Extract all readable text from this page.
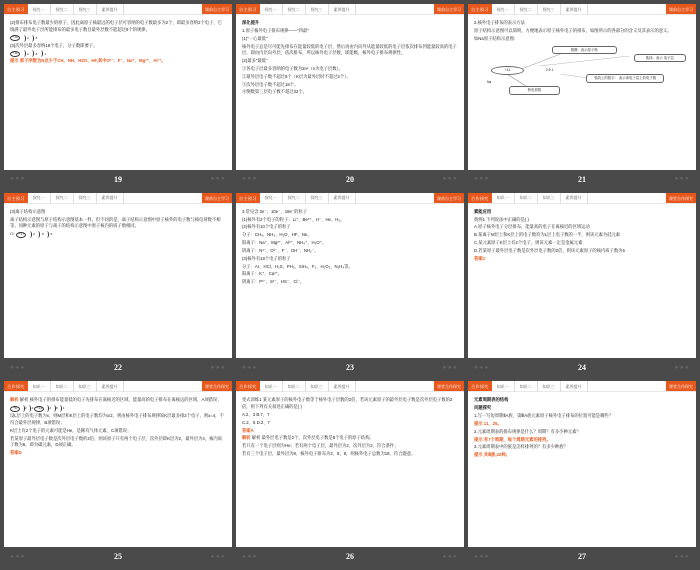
自主预习	探究一	探究二	探究三	素养提升	课前自主学习

(2)排布排布电子数最少的原子，因此离原子核最远的电子层可容纳的电子数最多为2个，即最多容纳2个电子，它填满了最外电子层所能排布的最多电子数目最外层数不能超过8个的规律。

+10	2 8

(3)次外层最多容纳18个电子，分子数即要子。

+11	2 8 1

提示 原子序数为N点少于CH、NH、H2O、HF,其中O²⁻、F⁻、Na⁺、Mg²⁺、Al³⁺。

✧✧✧	19	✧✧✧
自主预习	探究一	探究二	探究三	素养提升	课前自主学习

深化提升

1.原子核外电子排布规律——"四最"

(1)"一心最低"

核外电子总是尽可能先排布在能量较低的电子层，然后再由内向外从能量较低的电子层依次排布到能量较高的电子层，即由内层向外层，依次排布，所以核外电子层数，即能级，核外电子排布规律性。

(2)最多"最低"

①各电子层最多容纳的电子数为2n²（n为电子层数）。

②最外层电子数不超过8个（K层为最外层时不超过2个）。

③次外层电子数不超过18个。

④倒数第三层电子数不超过32个。

✧✧✧	20	✧✧✧
自主预习	探究一	探究二	探究三	素养提升	课前自主学习

2.核外电子排布的表示方法

原子结构示意图可以简明、方便地表示原子核外电子的排布，如图所示的各部分的含义及其表示的意义。

如Na原子结构示意图：

圆圈：表示原子核
弧线：表示 电子层
+11	2 8 1
Na
核电荷数
弧线上的数字： 表示该电子层上的电子数
✧✧✧	21	✧✧✧
自主预习	探究一	探究二	探究三	素养提升	课前自主学习

(3)离子结构示意图

离子结构示意图与原子结构示意图基本一样，但不同的是，离子结构示意图中原子核外的电子数与核电荷数不相等。同种元素的原子与离子的结构示意图中原子核内的质子数相同。

Cl⁻ +17	2 8 8
✧✧✧	22	✧✧✧
自主预习	探究一	探究二	探究三	素养提升	课前自主学习

3.常见含 2e⁻、10e⁻、18e⁻的粒子

(1)核外有2个电子的粒子：Li⁺、Be²⁺、H⁻、He、H₂。

(2)核外有10个电子的粒子

分子：CH₄、NH₃、H₂O、HF、Ne。

阳离子：Na⁺、Mg²⁺、Al³⁺、NH₄⁺、H₃O⁺。

阴离子：N³⁻、O²⁻、F⁻、OH⁻、NH₂⁻。

(3)核外有18个电子的粒子

分子：Ar、HCl、H₂S、PH₃、SiH₄、F₂、H₂O₂、N₂H₄等。

阳离子：K⁺、Ca²⁺。

阴离子：P³⁻、S²⁻、HS⁻、Cl⁻。

✧✧✧	23	✧✧✧
合作探究	知识一	知识二	知识三	素养提升	课堂合作探究

素能应用

典例1 下列说法中正确的是( )

A.原子核外电子分层排布，能量高的电子在离核近的区域运动

B.某离子M层上和K层上的电子数均为L层上电子数的一半，则该元素为硅元素

C.某元素原子K层上有2个电子，则该元素一定是金属元素

D.若某原子最外层电子数是次外层电子数的2倍，则该元素原子的核内质子数为6

答案C

✧✧✧	24	✧✧✧
合作探究	知识一	知识二	知识三	素养提升	课堂合作探究

解析 解析 核外电子的排布能量低的电子先排布在离核近的区域，能量高的电子排布在离核远的区域，A项错误；

+6	2 4 +14	2 8 4

设L层上的电子数为x，则M层和K层上的电子数均为x/2，则由核外电子排布规律知K层最多排2个电子，则x=4，不符合最外层规律，B项错误；

K层上有2个电子的元素可能是He，是稀有气体元素，C项错误；

若某原子最外层电子数是次外层电子数的2倍，则该原子只有两个电子层，次外层即K层为2，最外层为4，核内质子数为6，即为碳元素，D项正确。

答案D

✧✧✧	25	✧✧✧
合作探究	知识一	知识二	知识三	素养提升	课堂合作探究

变式训练1 某元素原子的核外电子数等于核外电子层数的2倍，若该元素原子的最外层电子数是次外层电子数的2倍，则下列有关叙述正确的是( )

A.2、3 B.7、7

C.2、5 D.2、7

答案A

解析 解析 最外层电子数是2个，次外层电子数是8个电子的原子结构。

若只有一个电子层则为He；若有两个电子层，最外层为2，次外层为2，符合条件；

若有三个电子层，最外层为8，核外电子排布为2、8、8，则核外电子总数为18，符合题意。

✧✧✧	26	✧✧✧
合作探究	知识一	知识二	知识三	素养提升	课堂合作探究

元素周期表的结构

问题探究

1.写一写短周期ⅡA族、第ⅢA族元素原子核外电子排布的位置可能是哪些？

提示 11、25。

2.元素周期表的排布规律是什么？周期？有多少种元素？

提示 有7个周期，每个周期元素的排列。

3.元素周期表中的族是怎样排列的？有多少种族？

提示 共Ⅲ族,32种。

✧✧✧	27	✧✧✧
